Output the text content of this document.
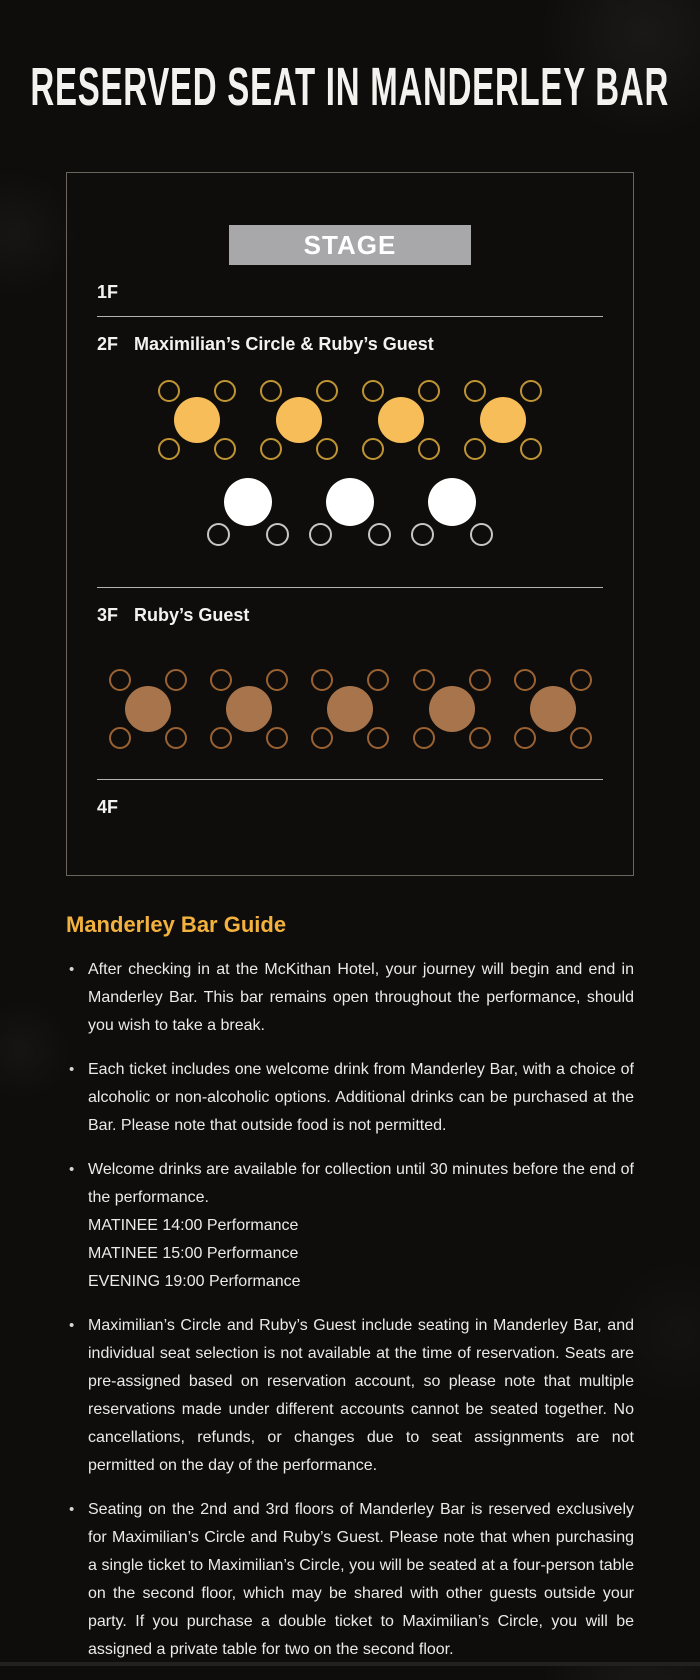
RESERVED SEAT IN MANDERLEY BAR
STAGE
1F
2F Maximilian’s Circle & Ruby’s Guest
3F Ruby’s Guest
4F
Manderley Bar Guide
• After checking in at the McKithan Hotel, your journey will begin and end in Manderley Bar. This bar remains open throughout the performance, should you wish to take a break.
• Each ticket includes one welcome drink from Manderley Bar, with a choice of alcoholic or non-alcoholic options. Additional drinks can be purchased at the Bar. Please note that outside food is not permitted.
• Welcome drinks are available for collection until 30 minutes before the end of the performance.
MATINEE 14:00 Performance
MATINEE 15:00 Performance
EVENING 19:00 Performance
• Maximilian’s Circle and Ruby’s Guest include seating in Manderley Bar, and individual seat selection is not available at the time of reservation. Seats are pre-assigned based on reservation account, so please note that multiple reservations made under different accounts cannot be seated together. No cancellations, refunds, or changes due to seat assignments are not permitted on the day of the performance.
• Seating on the 2nd and 3rd floors of Manderley Bar is reserved exclusively for Maximilian’s Circle and Ruby’s Guest. Please note that when purchasing a single ticket to Maximilian’s Circle, you will be seated at a four-person table on the second floor, which may be shared with other guests outside your party. If you purchase a double ticket to Maximilian’s Circle, you will be assigned a private table for two on the second floor.
